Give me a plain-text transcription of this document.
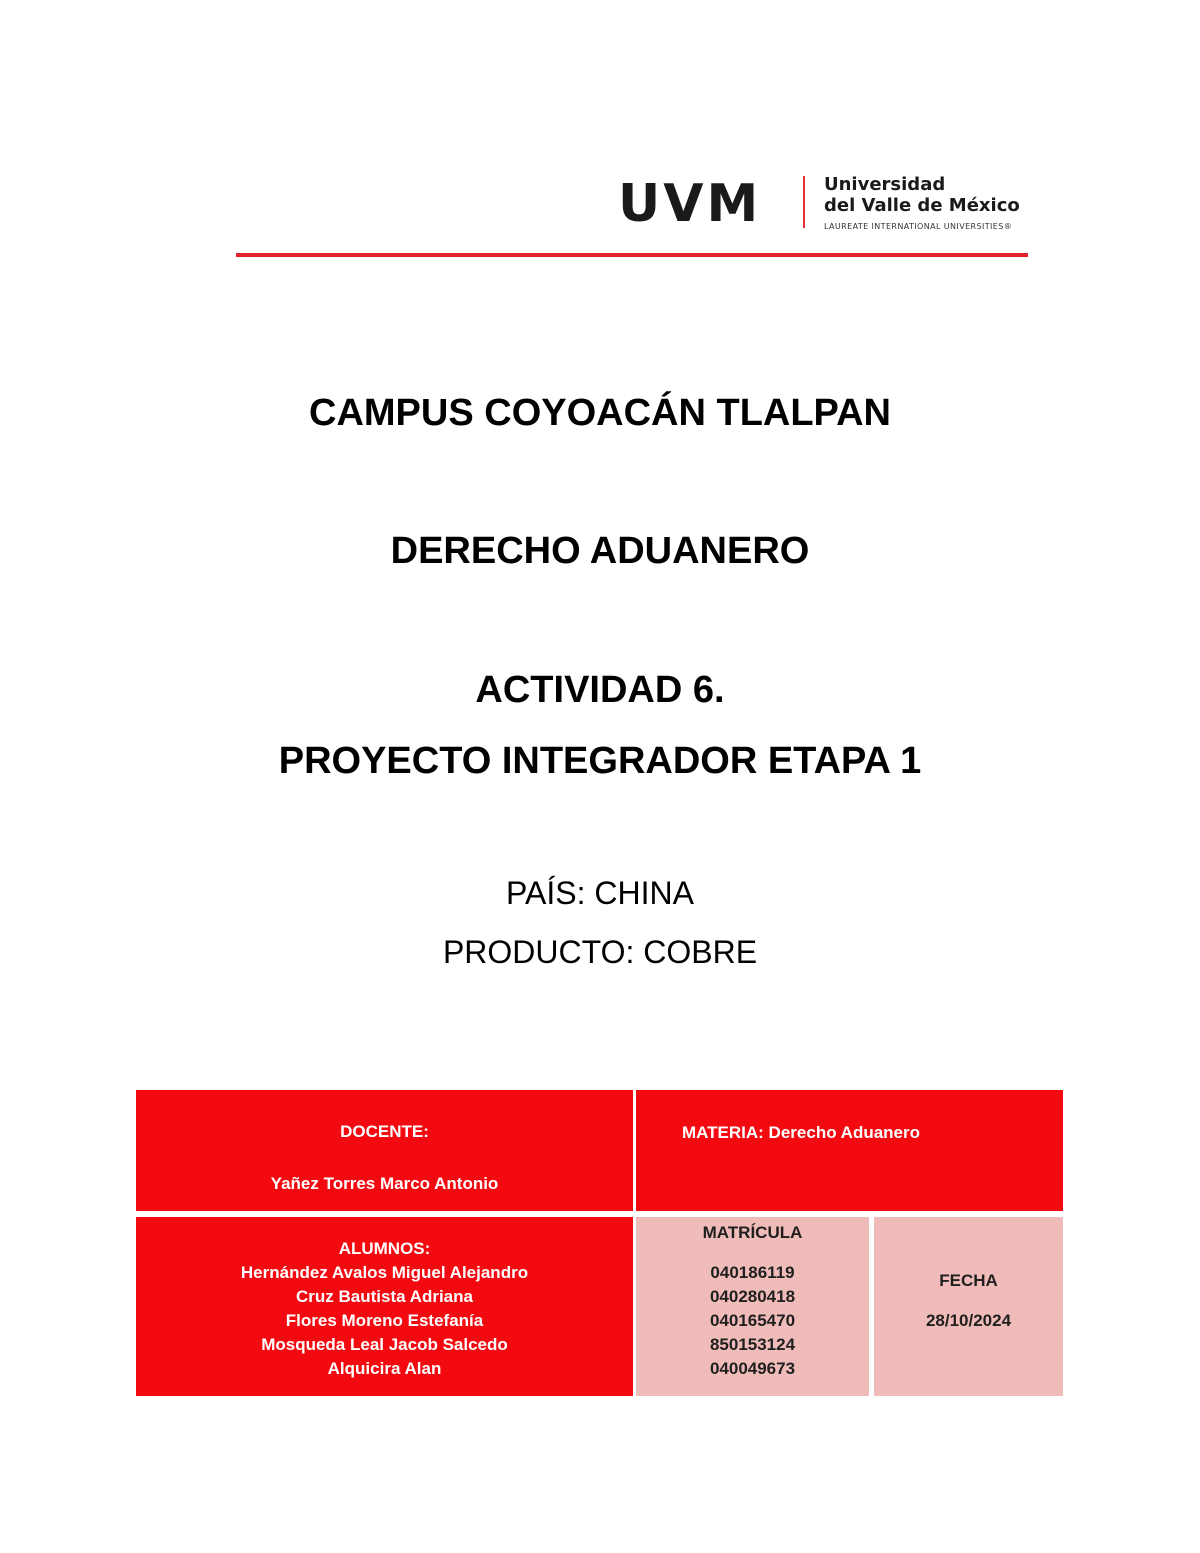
UVM	Universidad
del Valle de México
LAUREATE INTERNATIONAL UNIVERSITIES®
CAMPUS COYOACÁN TLALPAN
DERECHO ADUANERO
ACTIVIDAD 6.
PROYECTO INTEGRADOR ETAPA 1
PAÍS: CHINA
PRODUCTO: COBRE
DOCENTE:
Yañez Torres Marco Antonio
MATERIA: Derecho Aduanero
ALUMNOS:
Hernández Avalos Miguel Alejandro
Cruz Bautista Adriana
Flores Moreno Estefanía
Mosqueda Leal Jacob Salcedo
Alquicira Alan
MATRÍCULA
040186119
040280418
040165470
850153124
040049673
FECHA
28/10/2024
